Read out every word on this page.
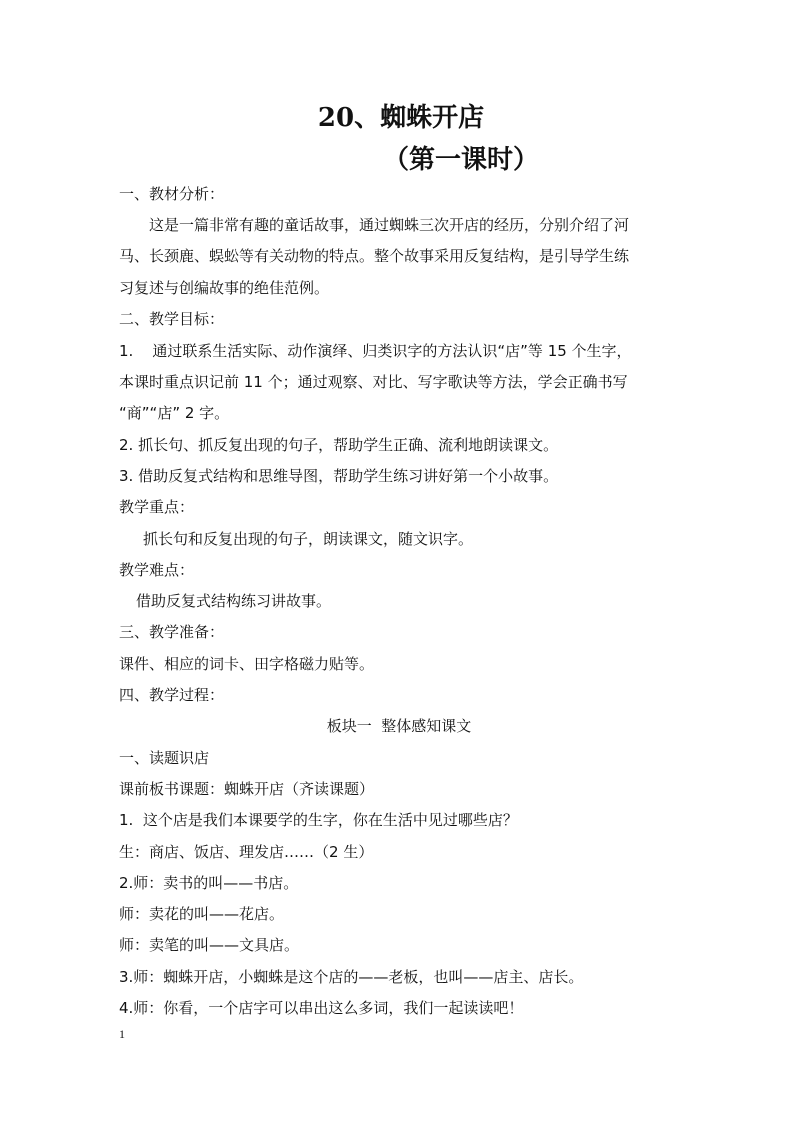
20、蜘蛛开店
（第一课时）
一、教材分析：
这是一篇非常有趣的童话故事，通过蜘蛛三次开店的经历，分别介绍了河
马、长颈鹿、蜈蚣等有关动物的特点。整个故事采用反复结构，是引导学生练
习复述与创编故事的绝佳范例。
二、教学目标：
1.    通过联系生活实际、动作演绎、归类识字的方法认识“店”等 15 个生字，
本课时重点识记前 11 个；通过观察、对比、写字歌诀等方法，学会正确书写
“商”“店” 2 字。
2. 抓长句、抓反复出现的句子，帮助学生正确、流利地朗读课文。
3. 借助反复式结构和思维导图，帮助学生练习讲好第一个小故事。
教学重点：
抓长句和反复出现的句子，朗读课文，随文识字。
教学难点：
借助反复式结构练习讲故事。
三、教学准备：
课件、相应的词卡、田字格磁力贴等。
四、教学过程：
板块一  整体感知课文
一、读题识店
课前板书课题：蜘蛛开店（齐读课题）
1.  这个店是我们本课要学的生字，你在生活中见过哪些店？
生：商店、饭店、理发店……（2 生）
2.师：卖书的叫——书店。
师：卖花的叫——花店。
师：卖笔的叫——文具店。
3.师：蜘蛛开店，小蜘蛛是这个店的——老板，也叫——店主、店长。
4.师：你看，一个店字可以串出这么多词，我们一起读读吧！
1
